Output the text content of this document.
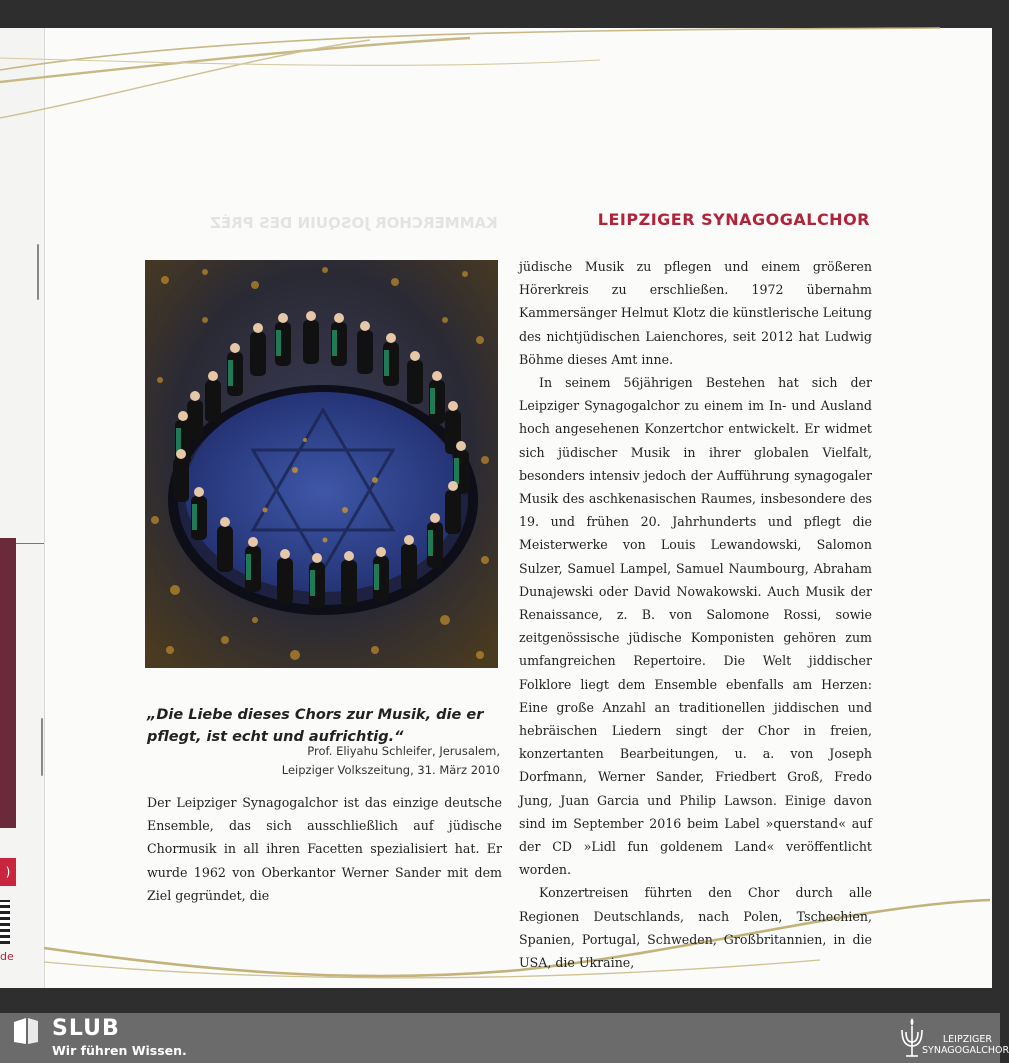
)
de
KAMMERCHOR JOSQUIN DES PRÉZ	LEIPZIGER SYNAGOGALCHOR
„Die Liebe dieses Chors zur Musik, die er pflegt, ist echt und aufrichtig.“
Prof. Eliyahu Schleifer, Jerusalem,
Leipziger Volkszeitung, 31. März 2010

Der Leipziger Synagogalchor ist das einzige deutsche Ensemble, das sich ausschließlich auf jüdische Chormusik in all ihren Facetten spezialisiert hat. Er wurde 1962 von Oberkantor Werner Sander mit dem Ziel gegründet, die

jüdische Musik zu pflegen und einem größeren Hörerkreis zu erschließen. 1972 übernahm Kammersänger Helmut Klotz die künstlerische Leitung des nichtjüdischen Laienchores, seit 2012 hat Ludwig Böhme dieses Amt inne.

In seinem 56jährigen Bestehen hat sich der Leipziger Synagogalchor zu einem im In- und Ausland hoch angesehenen Konzertchor entwickelt. Er widmet sich jüdischer Musik in ihrer globalen Vielfalt, besonders intensiv jedoch der Aufführung synagogaler Musik des aschkenasischen Raumes, insbesondere des 19. und frühen 20. Jahrhunderts und pflegt die Meisterwerke von Louis Lewandowski, Salomon Sulzer, Samuel Lampel, Samuel Naumbourg, Abraham Dunajewski oder David Nowakowski. Auch Musik der Renaissance, z. B. von Salomone Rossi, sowie zeitgenössische jüdische Komponisten gehören zum umfangreichen Repertoire. Die Welt jiddischer Folklore liegt dem Ensemble ebenfalls am Herzen: Eine große Anzahl an traditionellen jiddischen und hebräischen Liedern singt der Chor in freien, konzertanten Bearbeitungen, u. a. von Joseph Dorfmann, Werner Sander, Friedbert Groß, Fredo Jung, Juan Garcia und Philip Lawson. Einige davon sind im September 2016 beim Label »querstand« auf der CD »Lidl fun goldenem Land« veröffentlicht worden.

Konzertreisen führten den Chor durch alle Regionen Deutschlands, nach Polen, Tschechien, Spanien, Portugal, Schweden, Großbritannien, in die USA, die Ukraine,

SLUB
Wir führen Wissen.
LEIPZIGER
SYNAGOGALCHOR
